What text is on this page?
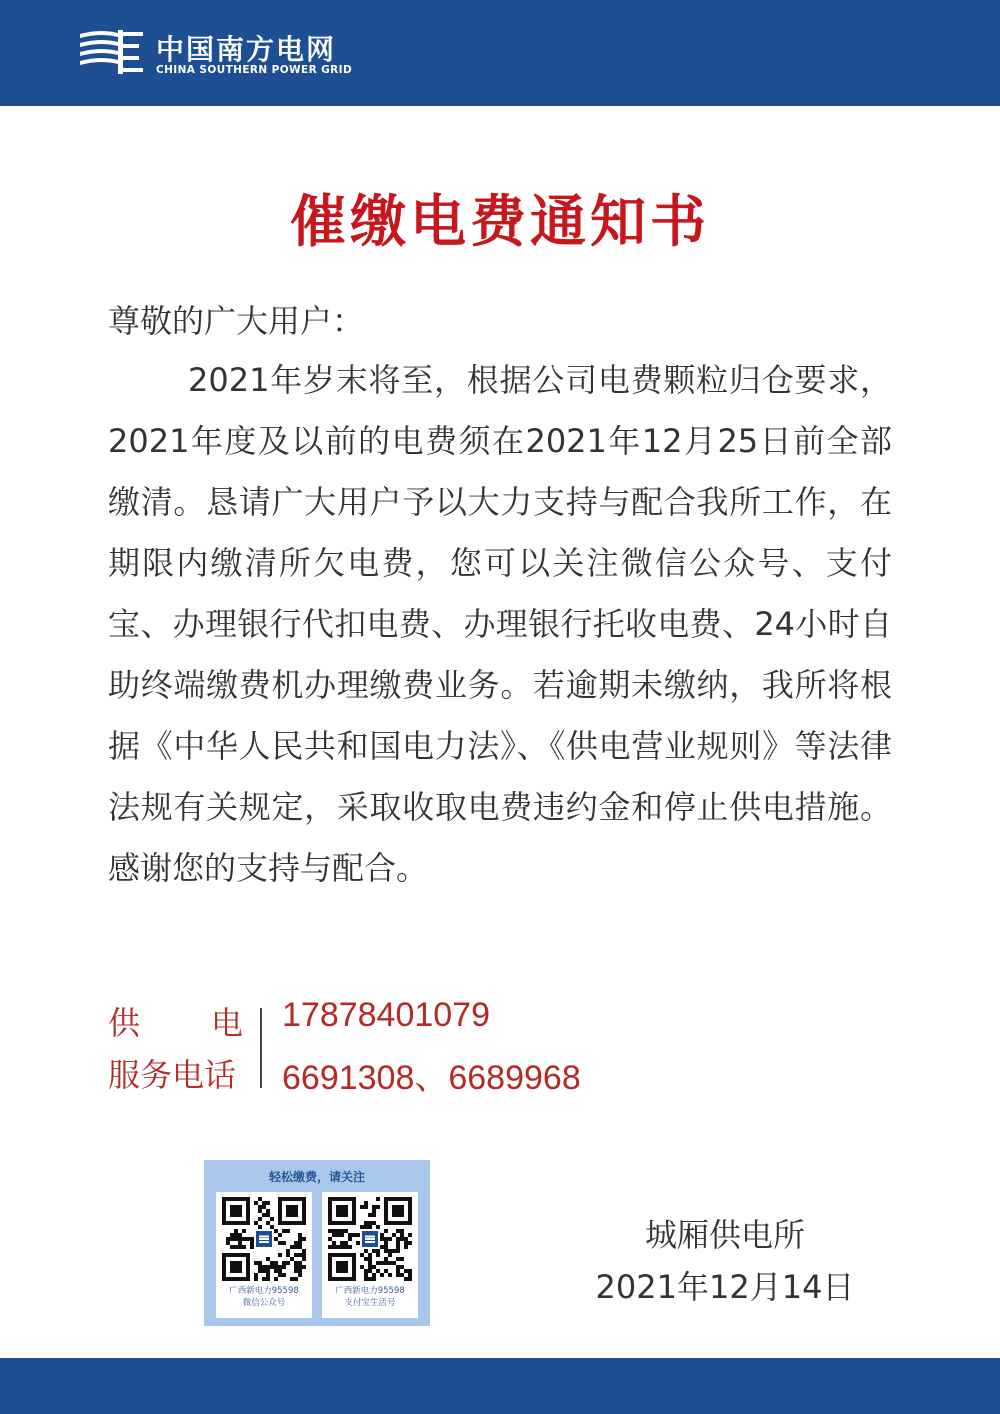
中国南方电网
CHINA SOUTHERN POWER GRID
催缴电费通知书
尊敬的广大用户：

2021年岁末将至，根据公司电费颗粒归仓要求，2021年度及以前的电费须在2021年12月25日前全部缴清。恳请广大用户予以大力支持与配合我所工作，在期限内缴清所欠电费，您可以关注微信公众号、支付宝、办理银行代扣电费、办理银行托收电费、24小时自助终端缴费机办理缴费业务。若逾期未缴纳，我所将根据《中华人民共和国电力法》、《供电营业规则》等法律法规有关规定，采取收取电费违约金和停止供电措施。感谢您的支持与配合。

供　电
服务电话
17878401079
6691308、6689968
轻松缴费，请关注
广西新电力95598
微信公众号
广西新电力95598
支付宝生活号
城厢供电所
2021年12月14日
